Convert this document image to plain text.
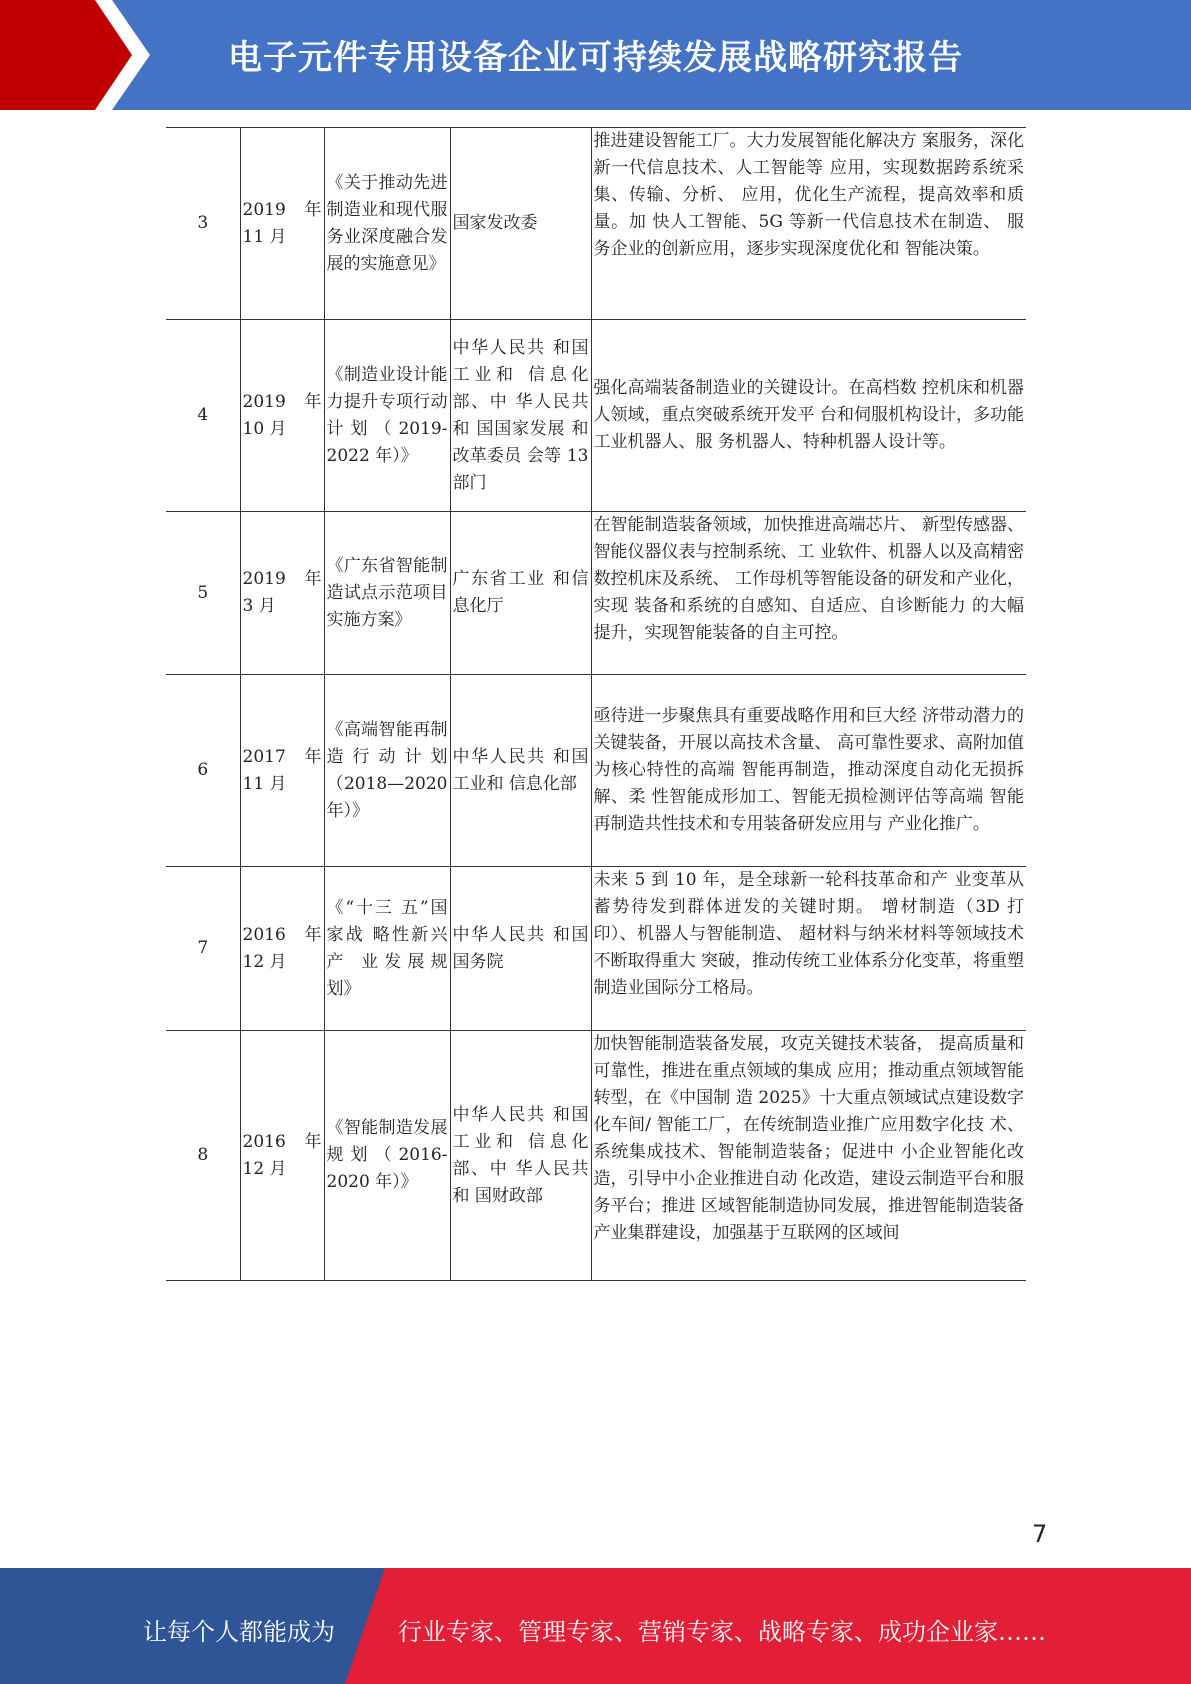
电子元件专用设备企业可持续发展战略研究报告
3	2019 年 11 月	《关于推动先进制造业和现代服务业深度融合发展的实施意见》	国家发改委	推进建设智能工厂。大力发展智能化解决方 案服务，深化新一代信息技术、人工智能等 应用，实现数据跨系统采集、传输、分析、 应用，优化生产流程，提高效率和质量。加 快人工智能、5G 等新一代信息技术在制造、 服务企业的创新应用，逐步实现深度优化和 智能决策。
4	2019 年 10 月	《制造业设计能力提升专项行动计划（2019-2022 年）》	中华人民共 和国工业和 信息化部、中 华人民共和 国国家发展 和改革委员 会等 13 部门	强化高端装备制造业的关键设计。在高档数 控机床和机器人领域，重点突破系统开发平 台和伺服机构设计，多功能工业机器人、服 务机器人、特种机器人设计等。
5	2019 年 3 月	《广东省智能制造试点示范项目实施方案》	广东省工业 和信息化厅	在智能制造装备领域，加快推进高端芯片、 新型传感器、智能仪器仪表与控制系统、工 业软件、机器人以及高精密数控机床及系统、 工作母机等智能设备的研发和产业化，实现 装备和系统的自感知、自适应、自诊断能力 的大幅提升，实现智能装备的自主可控。
6	2017 年 11 月	《高端智能再制造行动计划（2018—2020 年）》	中华人民共 和国工业和 信息化部	亟待进一步聚焦具有重要战略作用和巨大经 济带动潜力的关键装备，开展以高技术含量、 高可靠性要求、高附加值为核心特性的高端 智能再制造，推动深度自动化无损拆解、柔 性智能成形加工、智能无损检测评估等高端 智能再制造共性技术和专用装备研发应用与 产业化推广。
7	2016 年 12 月	《“十三 五”国家战 略性新兴产 业发展规 划》	中华人民共 和国国务院	未来 5 到 10 年，是全球新一轮科技革命和产 业变革从蓄势待发到群体迸发的关键时期。 增材制造（3D 打印）、机器人与智能制造、 超材料与纳米材料等领域技术不断取得重大 突破，推动传统工业体系分化变革，将重塑 制造业国际分工格局。
8	2016 年 12 月	《智能制造发展规划（2016-2020 年）》	中华人民共 和国工业和 信息化部、中 华人民共和 国财政部	加快智能制造装备发展，攻克关键技术装备， 提高质量和可靠性，推进在重点领域的集成 应用；推动重点领域智能转型，在《中国制 造 2025》十大重点领域试点建设数字化车间/ 智能工厂，在传统制造业推广应用数字化技 术、系统集成技术、智能制造装备；促进中 小企业智能化改造，引导中小企业推进自动 化改造，建设云制造平台和服务平台；推进 区域智能制造协同发展，推进智能制造装备产业集群建设，加强基于互联网的区域间
7
让每个人都能成为	行业专家、管理专家、营销专家、战略专家、成功企业家……
